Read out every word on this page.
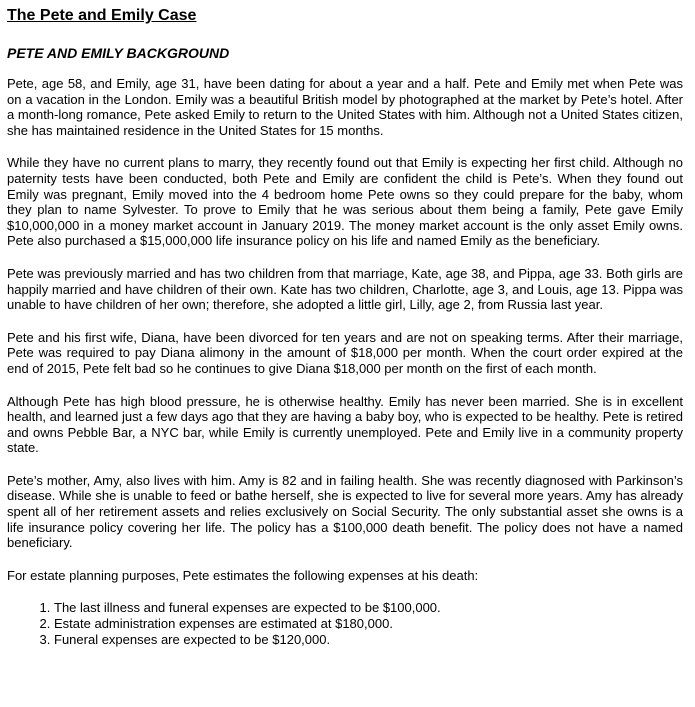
The Pete and Emily Case
PETE AND EMILY BACKGROUND

Pete, age 58, and Emily, age 31, have been dating for about a year and a half. Pete and Emily met when Pete was on a vacation in the London. Emily was a beautiful British model by photographed at the market by Pete’s hotel. After a month-long romance, Pete asked Emily to return to the United States with him. Although not a United States citizen, she has maintained residence in the United States for 15 months.

While they have no current plans to marry, they recently found out that Emily is expecting her first child. Although no paternity tests have been conducted, both Pete and Emily are confident the child is Pete’s. When they found out Emily was pregnant, Emily moved into the 4 bedroom home Pete owns so they could prepare for the baby, whom they plan to name Sylvester. To prove to Emily that he was serious about them being a family, Pete gave Emily $10,000,000 in a money market account in January 2019. The money market account is the only asset Emily owns. Pete also purchased a $15,000,000 life insurance policy on his life and named Emily as the beneficiary.

Pete was previously married and has two children from that marriage, Kate, age 38, and Pippa, age 33. Both girls are happily married and have children of their own. Kate has two children, Charlotte, age 3, and Louis, age 13. Pippa was unable to have children of her own; therefore, she adopted a little girl, Lilly, age 2, from Russia last year.

Pete and his first wife, Diana, have been divorced for ten years and are not on speaking terms. After their marriage, Pete was required to pay Diana alimony in the amount of $18,000 per month. When the court order expired at the end of 2015, Pete felt bad so he continues to give Diana $18,000 per month on the first of each month.

Although Pete has high blood pressure, he is otherwise healthy. Emily has never been married. She is in excellent health, and learned just a few days ago that they are having a baby boy, who is expected to be healthy. Pete is retired and owns Pebble Bar, a NYC bar, while Emily is currently unemployed. Pete and Emily live in a community property state.

Pete’s mother, Amy, also lives with him. Amy is 82 and in failing health. She was recently diagnosed with Parkinson’s disease. While she is unable to feed or bathe herself, she is expected to live for several more years. Amy has already spent all of her retirement assets and relies exclusively on Social Security. The only substantial asset she owns is a life insurance policy covering her life. The policy has a $100,000 death benefit. The policy does not have a named beneficiary.

For estate planning purposes, Pete estimates the following expenses at his death:

1. The last illness and funeral expenses are expected to be $100,000.
2. Estate administration expenses are estimated at $180,000.
3. Funeral expenses are expected to be $120,000.
